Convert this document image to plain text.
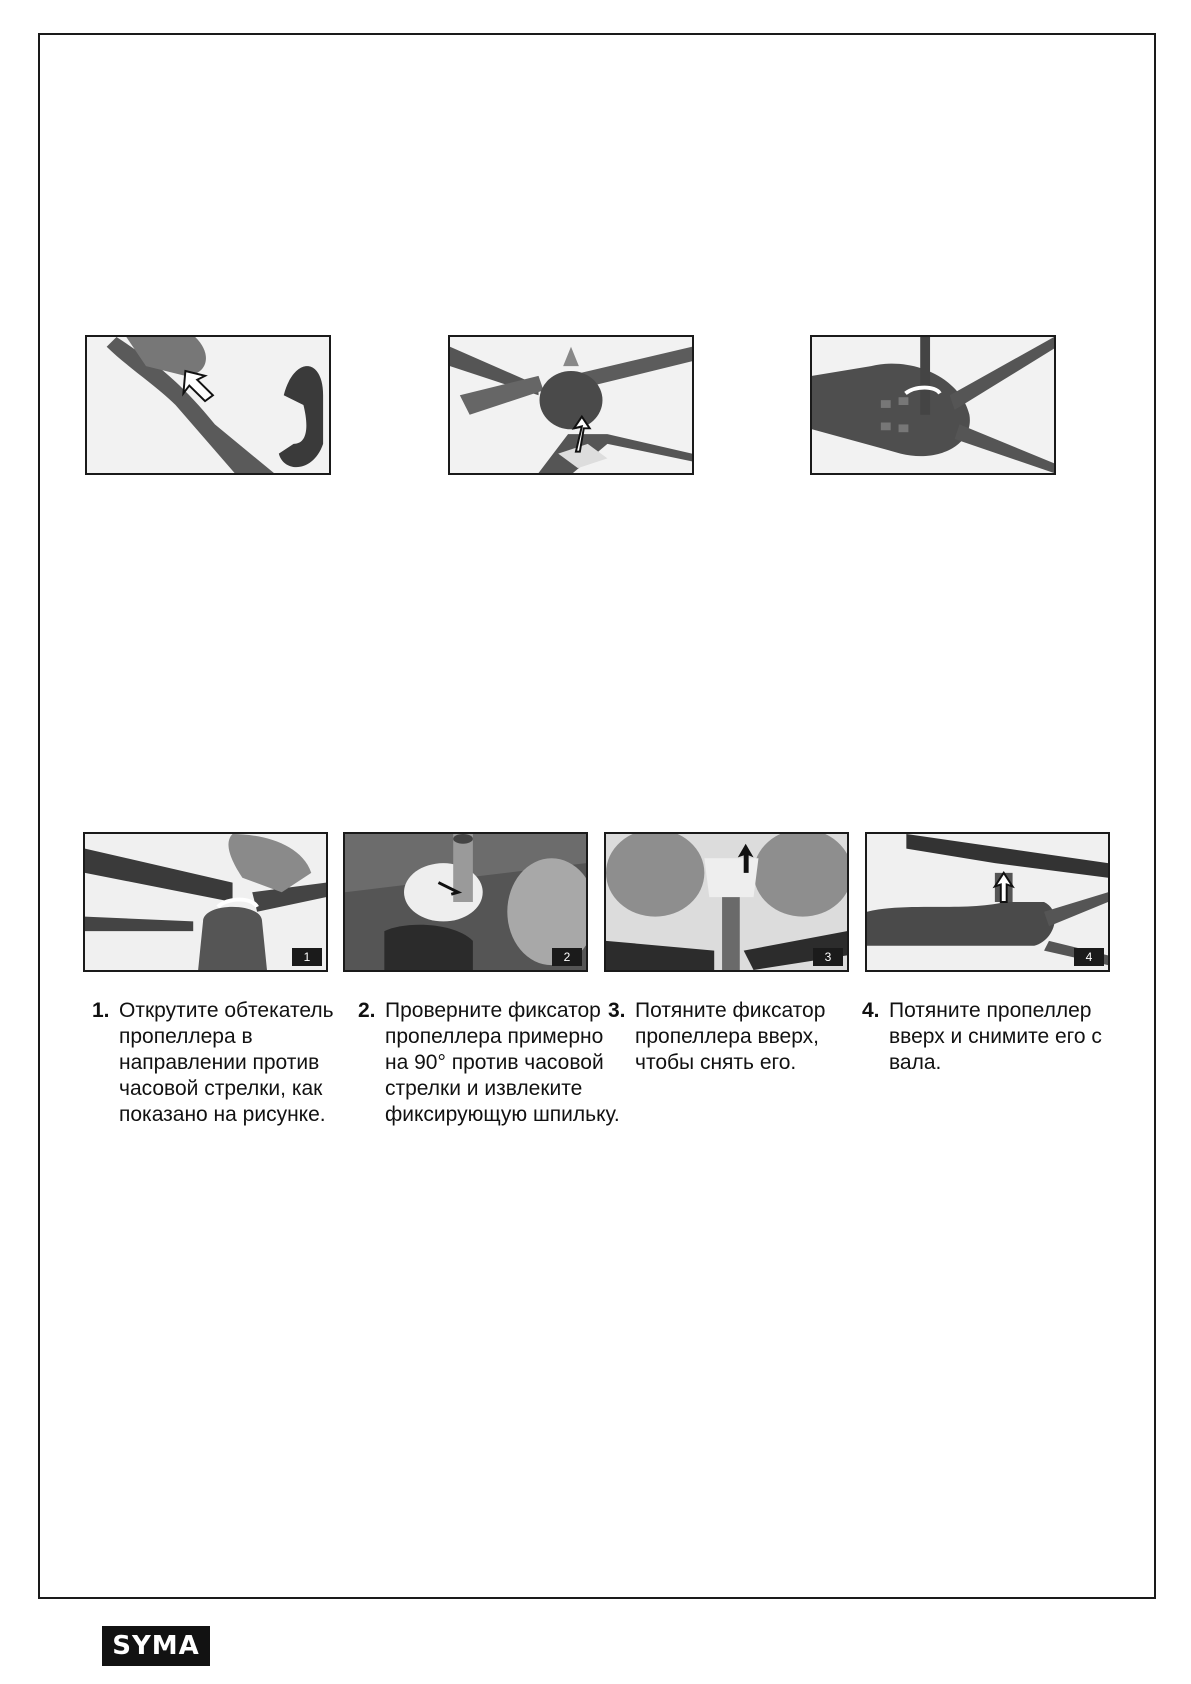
1	2	3	4
1. Открутите обтекатель пропеллера в направлении против часовой стрелки, как показано на рисунке.
2. Проверните фиксатор пропеллера примерно на 90° против часовой стрелки и извлеките фиксирующую шпильку.
3. Потяните фиксатор пропеллера вверх, чтобы снять его.
4. Потяните пропеллер вверх и снимите его с вала.
SYMA
